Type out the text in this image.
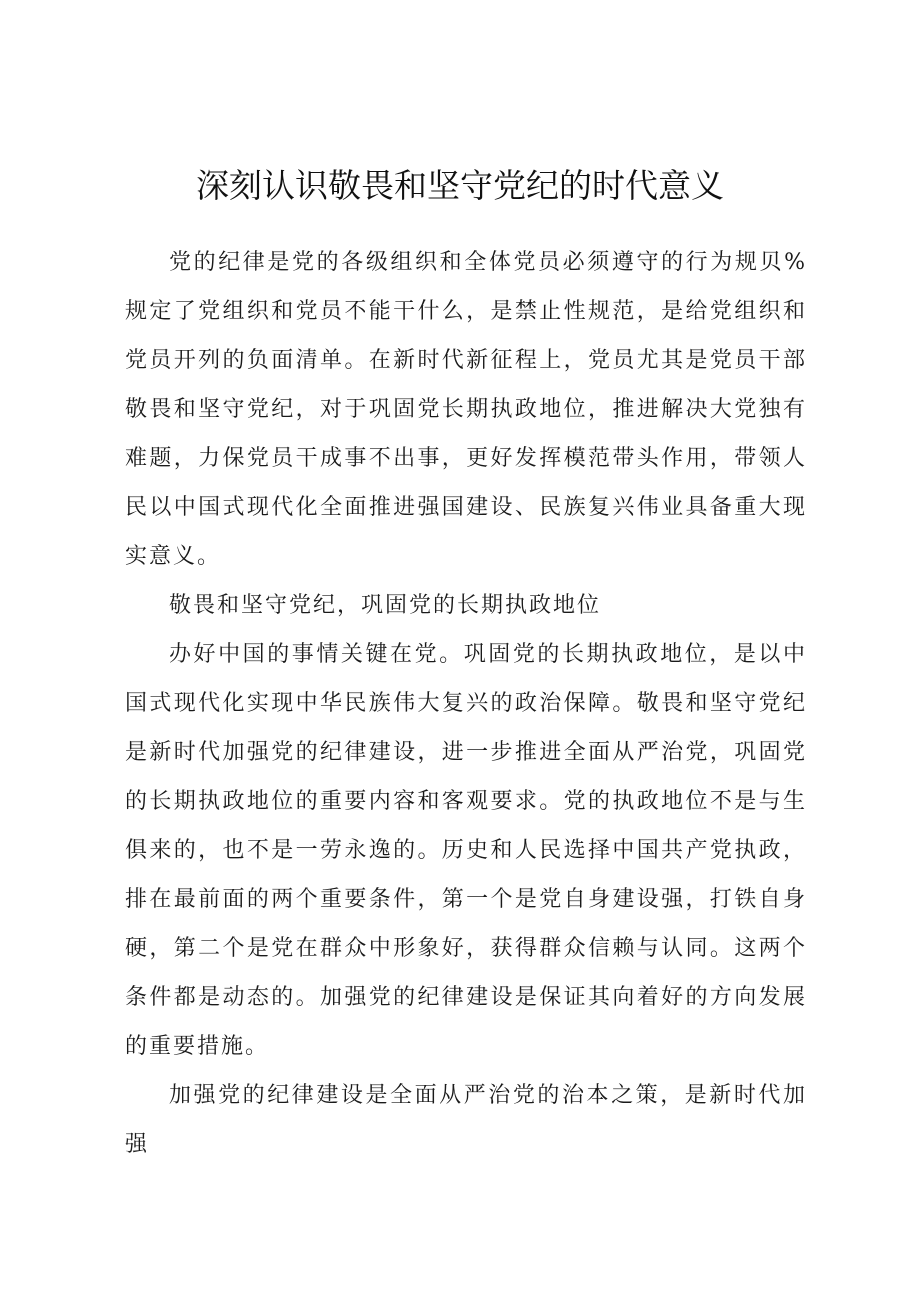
深刻认识敬畏和坚守党纪的时代意义

党的纪律是党的各级组织和全体党员必须遵守的行为规贝%规定了党组织和党员不能干什么，是禁止性规范，是给党组织和党员开列的负面清单。在新时代新征程上，党员尤其是党员干部敬畏和坚守党纪，对于巩固党长期执政地位，推进解决大党独有难题，力保党员干成事不出事，更好发挥模范带头作用，带领人民以中国式现代化全面推进强国建设、民族复兴伟业具备重大现实意义。

敬畏和坚守党纪，巩固党的长期执政地位

办好中国的事情关键在党。巩固党的长期执政地位，是以中国式现代化实现中华民族伟大复兴的政治保障。敬畏和坚守党纪是新时代加强党的纪律建设，进一步推进全面从严治党，巩固党的长期执政地位的重要内容和客观要求。党的执政地位不是与生俱来的，也不是一劳永逸的。历史和人民选择中国共产党执政，排在最前面的两个重要条件，第一个是党自身建设强，打铁自身硬，第二个是党在群众中形象好，获得群众信赖与认同。这两个条件都是动态的。加强党的纪律建设是保证其向着好的方向发展的重要措施。

加强党的纪律建设是全面从严治党的治本之策，是新时代加强
